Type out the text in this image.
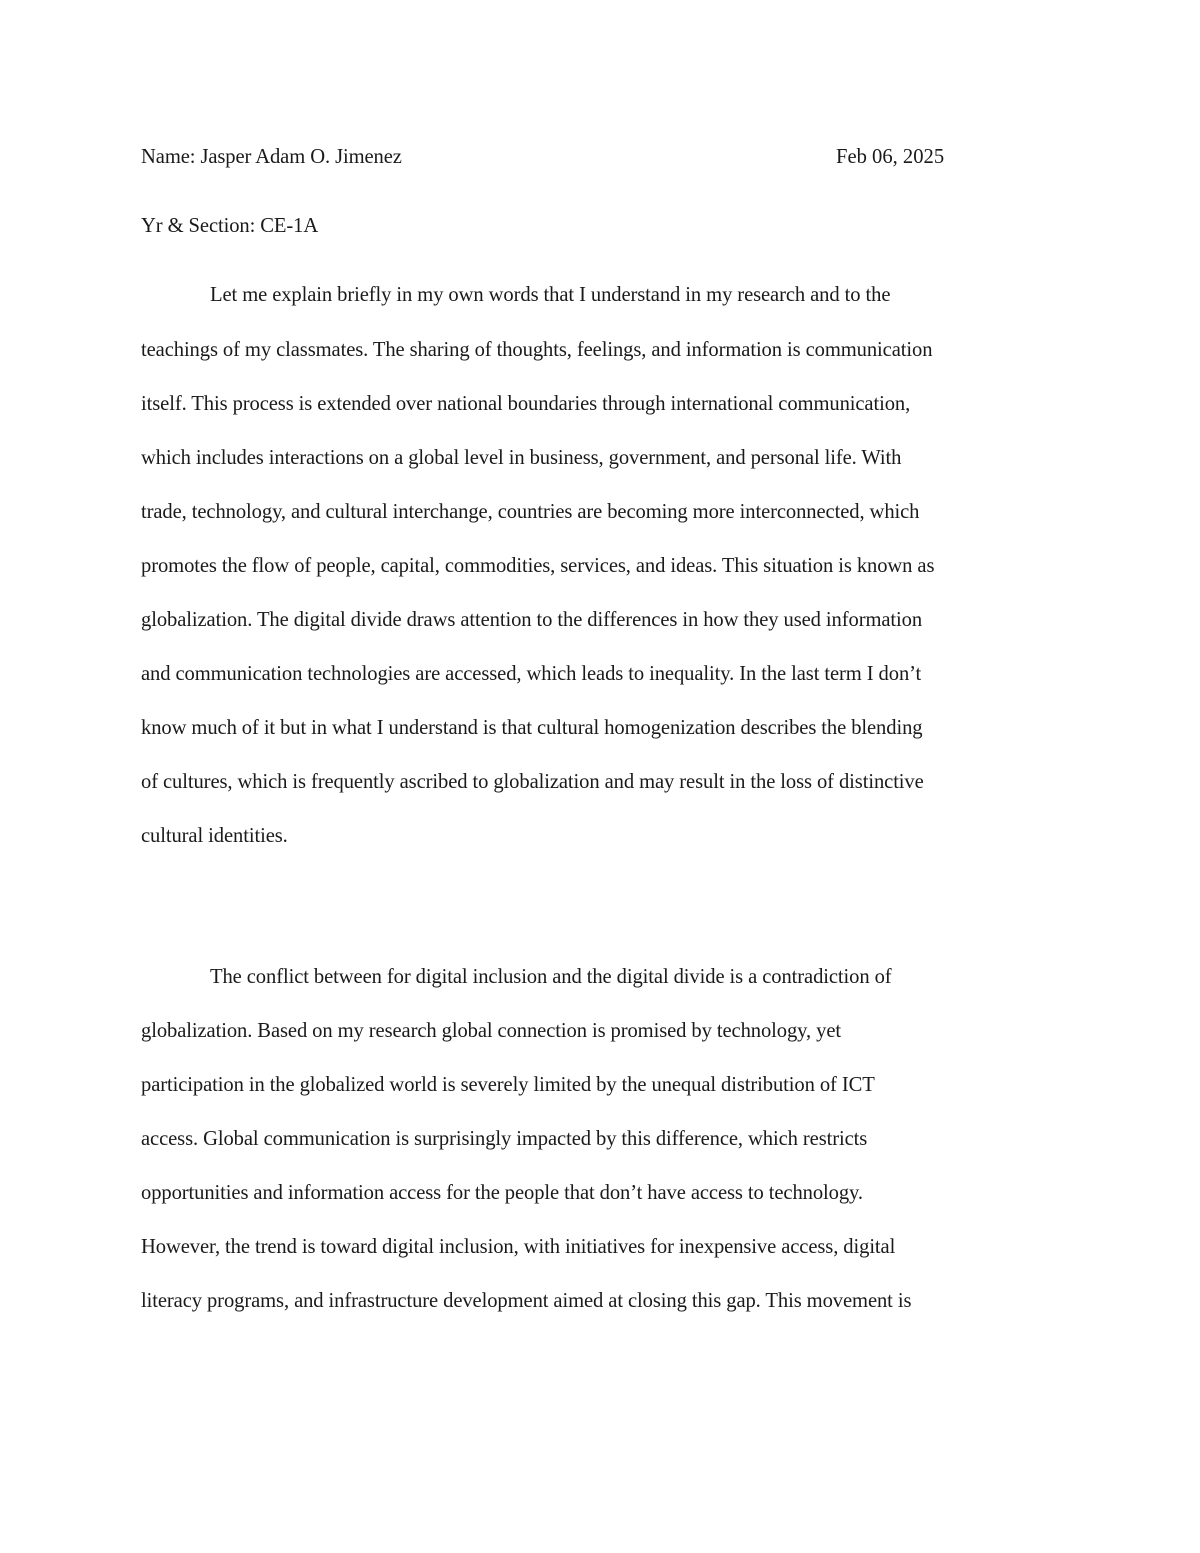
Name: Jasper Adam O. Jimenez	Feb 06, 2025
Yr & Section: CE-1A
Let me explain briefly in my own words that I understand in my research and to the
teachings of my classmates. The sharing of thoughts, feelings, and information is communication
itself. This process is extended over national boundaries through international communication,
which includes interactions on a global level in business, government, and personal life. With
trade, technology, and cultural interchange, countries are becoming more interconnected, which
promotes the flow of people, capital, commodities, services, and ideas. This situation is known as
globalization. The digital divide draws attention to the differences in how they used information
and communication technologies are accessed, which leads to inequality. In the last term I don’t
know much of it but in what I understand is that cultural homogenization describes the blending
of cultures, which is frequently ascribed to globalization and may result in the loss of distinctive
cultural identities.
The conflict between for digital inclusion and the digital divide is a contradiction of
globalization. Based on my research global connection is promised by technology, yet
participation in the globalized world is severely limited by the unequal distribution of ICT
access. Global communication is surprisingly impacted by this difference, which restricts
opportunities and information access for the people that don’t have access to technology.
However, the trend is toward digital inclusion, with initiatives for inexpensive access, digital
literacy programs, and infrastructure development aimed at closing this gap. This movement is
